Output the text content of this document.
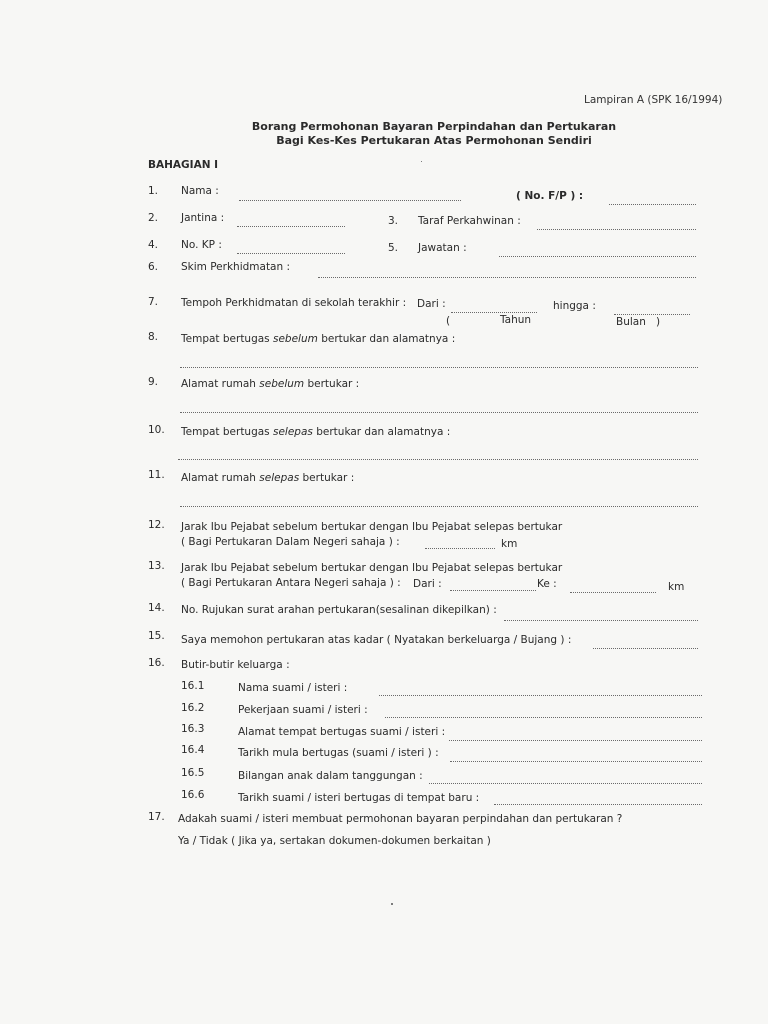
Lampiran A (SPK 16/1994)
Borang Permohonan Bayaran Perpindahan dan Pertukaran
Bagi Kes-Kes Pertukaran Atas Permohonan Sendiri
BAHAGIAN I
1. Nama :	( No. F/P ) :
2. Jantina :	3. Taraf Perkahwinan :
4. No. KP :	5. Jawatan :
6. Skim Perkhidmatan :
7. Tempoh Perkhidmatan di sekolah terakhir : Dari :	hingga :
(	Tahun	Bulan )
8. Tempat bertugas sebelum bertukar dan alamatnya :
9. Alamat rumah sebelum bertukar :
10. Tempat bertugas selepas bertukar dan alamatnya :
11. Alamat rumah selepas bertukar :
12. Jarak Ibu Pejabat sebelum bertukar dengan Ibu Pejabat selepas bertukar
( Bagi Pertukaran Dalam Negeri sahaja ) :	km
13. Jarak Ibu Pejabat sebelum bertukar dengan Ibu Pejabat selepas bertukar
( Bagi Pertukaran Antara Negeri sahaja ) : Dari :	Ke :	km
14. No. Rujukan surat arahan pertukaran(sesalinan dikepilkan) :
15. Saya memohon pertukaran atas kadar ( Nyatakan berkeluarga / Bujang ) :
16. Butir-butir keluarga :
16.1	Nama suami / isteri :
16.2	Pekerjaan suami / isteri :
16.3	Alamat tempat bertugas suami / isteri :
16.4	Tarikh mula bertugas (suami / isteri ) :
16.5	Bilangan anak dalam tanggungan :
16.6	Tarikh suami / isteri bertugas di tempat baru :
17. Adakah suami / isteri membuat permohonan bayaran perpindahan dan pertukaran ?
Ya / Tidak ( Jika ya, sertakan dokumen-dokumen berkaitan )
